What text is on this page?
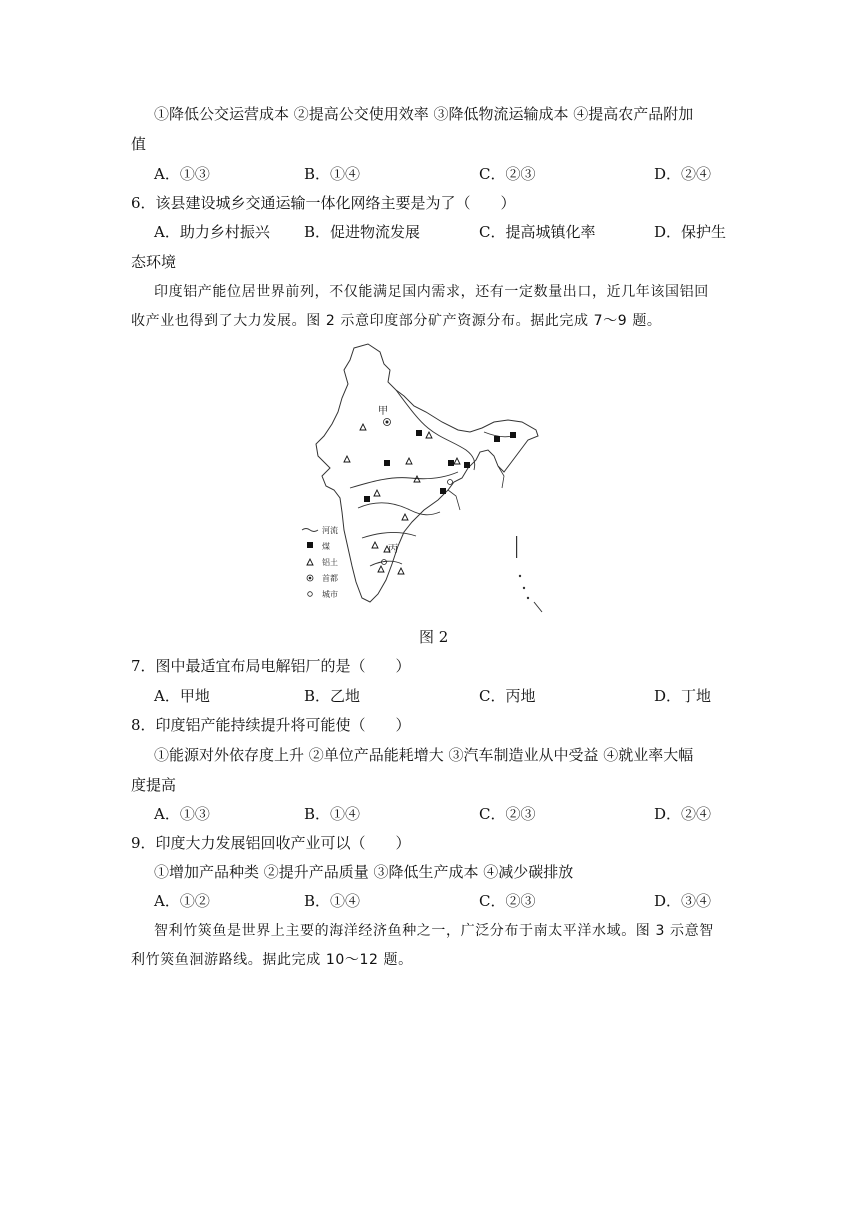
①降低公交运营成本 ②提高公交使用效率 ③降低物流运输成本 ④提高农产品附加
值
A．①③	B．①④	C．②③	D．②④
6．该县建设城乡交通运输一体化网络主要是为了（　　）
A．助力乡村振兴 B．促进物流发展	C．提高城镇化率	D．保护生
态环境
印度铝产能位居世界前列，不仅能满足国内需求，还有一定数量出口，近几年该国铝回
收产业也得到了大力发展。图 2 示意印度部分矿产资源分布。据此完成 7～9 题。
甲
丙
河流
煤
铝土
首都
城市
图 2
7．图中最适宜布局电解铝厂的是（　　）
A．甲地	B．乙地	C．丙地	D．丁地
8．印度铝产能持续提升将可能使（　　）
①能源对外依存度上升 ②单位产品能耗增大 ③汽车制造业从中受益 ④就业率大幅
度提高
A．①③	B．①④	C．②③	D．②④
9．印度大力发展铝回收产业可以（　　）
①增加产品种类 ②提升产品质量 ③降低生产成本 ④减少碳排放
A．①②	B．①④	C．②③	D．③④
智利竹筴鱼是世界上主要的海洋经济鱼种之一，广泛分布于南太平洋水域。图 3 示意智
利竹筴鱼洄游路线。据此完成 10～12 题。
